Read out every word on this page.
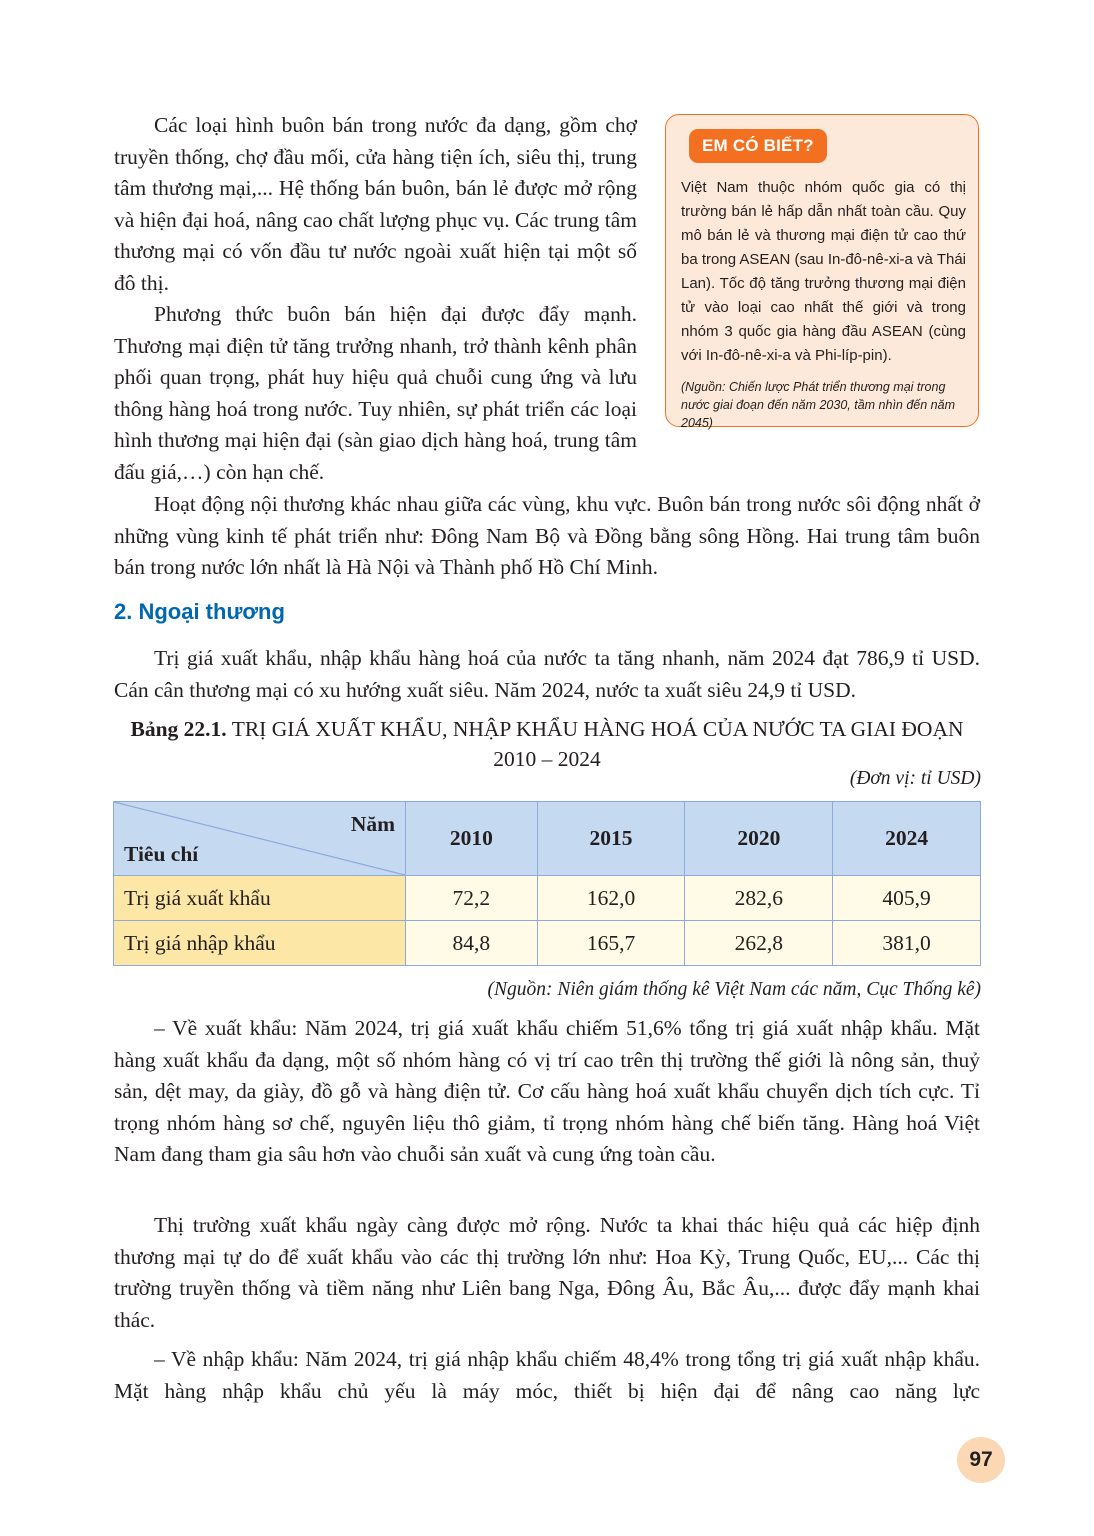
Các loại hình buôn bán trong nước đa dạng, gồm chợ truyền thống, chợ đầu mối, cửa hàng tiện ích, siêu thị, trung tâm thương mại,... Hệ thống bán buôn, bán lẻ được mở rộng và hiện đại hoá, nâng cao chất lượng phục vụ. Các trung tâm thương mại có vốn đầu tư nước ngoài xuất hiện tại một số đô thị.

Phương thức buôn bán hiện đại được đẩy mạnh. Thương mại điện tử tăng trưởng nhanh, trở thành kênh phân phối quan trọng, phát huy hiệu quả chuỗi cung ứng và lưu thông hàng hoá trong nước. Tuy nhiên, sự phát triển các loại hình thương mại hiện đại (sàn giao dịch hàng hoá, trung tâm đấu giá,…) còn hạn chế.

EM CÓ BIẾT?

Việt Nam thuộc nhóm quốc gia có thị trường bán lẻ hấp dẫn nhất toàn cầu. Quy mô bán lẻ và thương mại điện tử cao thứ ba trong ASEAN (sau In-đô-nê-xi-a và Thái Lan). Tốc độ tăng trưởng thương mại điện tử vào loại cao nhất thế giới và trong nhóm 3 quốc gia hàng đầu ASEAN (cùng với In-đô-nê-xi-a và Phi-líp-pin).

(Nguồn: Chiến lược Phát triển thương mại trong nước giai đoạn đến năm 2030, tầm nhìn đến năm 2045)

Hoạt động nội thương khác nhau giữa các vùng, khu vực. Buôn bán trong nước sôi động nhất ở những vùng kinh tế phát triển như: Đông Nam Bộ và Đồng bằng sông Hồng. Hai trung tâm buôn bán trong nước lớn nhất là Hà Nội và Thành phố Hồ Chí Minh.

2. Ngoại thương

Trị giá xuất khẩu, nhập khẩu hàng hoá của nước ta tăng nhanh, năm 2024 đạt 786,9 tỉ USD. Cán cân thương mại có xu hướng xuất siêu. Năm 2024, nước ta xuất siêu 24,9 tỉ USD.

Bảng 22.1. TRỊ GIÁ XUẤT KHẨU, NHẬP KHẨU HÀNG HOÁ CỦA NƯỚC TA GIAI ĐOẠN 2010 – 2024

(Đơn vị: tỉ USD)

Năm
Tiêu chí	2010	2015	2020	2024
Trị giá xuất khẩu	72,2	162,0	282,6	405,9
Trị giá nhập khẩu	84,8	165,7	262,8	381,0

(Nguồn: Niên giám thống kê Việt Nam các năm, Cục Thống kê)

– Về xuất khẩu: Năm 2024, trị giá xuất khẩu chiếm 51,6% tổng trị giá xuất nhập khẩu. Mặt hàng xuất khẩu đa dạng, một số nhóm hàng có vị trí cao trên thị trường thế giới là nông sản, thuỷ sản, dệt may, da giày, đồ gỗ và hàng điện tử. Cơ cấu hàng hoá xuất khẩu chuyển dịch tích cực. Tỉ trọng nhóm hàng sơ chế, nguyên liệu thô giảm, tỉ trọng nhóm hàng chế biến tăng. Hàng hoá Việt Nam đang tham gia sâu hơn vào chuỗi sản xuất và cung ứng toàn cầu.

Thị trường xuất khẩu ngày càng được mở rộng. Nước ta khai thác hiệu quả các hiệp định thương mại tự do để xuất khẩu vào các thị trường lớn như: Hoa Kỳ, Trung Quốc, EU,... Các thị trường truyền thống và tiềm năng như Liên bang Nga, Đông Âu, Bắc Âu,... được đẩy mạnh khai thác.

– Về nhập khẩu: Năm 2024, trị giá nhập khẩu chiếm 48,4% trong tổng trị giá xuất nhập khẩu. Mặt hàng nhập khẩu chủ yếu là máy móc, thiết bị hiện đại để nâng cao năng lực

97
